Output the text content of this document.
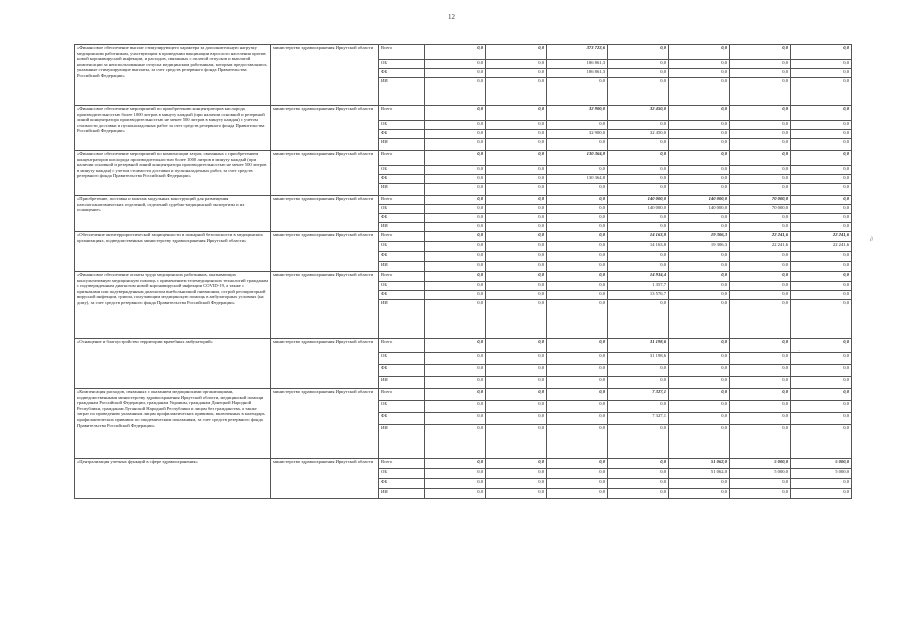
12
«Финансовое обеспечение выплат стимулирующего характера за дополнительную нагрузку медицинским работникам, участвующим в проведении вакцинации взрослого населения против новой коронавирусной инфекции, и расходов, связанных с оплатой отпусков и выплатой компенсации за неиспользованные отпуска медицинским работникам, которым предоставлялись указанные стимулирующие выплаты, за счет средств резервного фонда Правительства Российской Федерации»	министерство здравоохранения Иркутской области	Всего	0,0	0,0	373 722,6	0,0	0,0	0,0	0,0
		ОБ	0,0	0,0	186 861,3	0,0	0,0	0,0	0,0
		ФБ	0,0	0,0	186 861,3	0,0	0,0	0,0	0,0
		ИИ	0,0	0,0	0,0	0,0	0,0	0,0	0,0
«Финансовое обеспечение мероприятий по приобретению концентраторов кислорода производительностью более 1000 литров в минуту каждый (при наличии основной и резервной линий концентратора производительностью не менее 500 литров в минуту каждая) с учетом стоимости доставки и пусконаладочных работ за счет средств резервного фонда Правительства Российской Федерации»	министерство здравоохранения Иркутской области	Всего	0,0	0,0	32 900,0	32 450,0	0,0	0,0	0,0
		ОБ	0,0	0,0	0,0	0,0	0,0	0,0	0,0
		ФБ	0,0	0,0	32 900,0	32 450,0	0,0	0,0	0,0
		ИИ	0,0	0,0	0,0	0,0	0,0	0,0	0,0
«Финансовое обеспечение мероприятий по компенсации затрат, связанных с приобретением концентраторов кислорода производительностью более 1000 литров в минуту каждый (при наличии основной и резервной линий концентратора производительностью не менее 500 литров в минуту каждая) с учетом стоимости доставки и пусконаладочных работ, за счет средств резервного фонда Правительства Российской Федерации»	министерство здравоохранения Иркутской области	Всего	0,0	0,0	130 364,8	0,0	0,0	0,0	0,0
		ОБ	0,0	0,0	0,0	0,0	0,0	0,0	0,0
		ФБ	0,0	0,0	130 364,8	0,0	0,0	0,0	0,0
		ИИ	0,0	0,0	0,0	0,0	0,0	0,0	0,0
«Приобретение, поставка и монтаж модульных конструкций для размещения патологоанатомических отделений, отделений судебно-медицинской экспертизы и их оснащение»	министерство здравоохранения Иркутской области	Всего	0,0	0,0	0,0	140 000,0	140 000,0	70 000,0	0,0
		ОБ	0,0	0,0	0,0	140 000,0	140 000,0	70 000,0	0,0
		ФБ	0,0	0,0	0,0	0,0	0,0	0,0	0,0
		ИИ	0,0	0,0	0,0	0,0	0,0	0,0	0,0
«Обеспечение антитеррористической защищенности и пожарной безопасности в медицинских организациях, подведомственных министерству здравоохранения Иркутской области»	министерство здравоохранения Иркутской области	Всего	0,0	0,0	0,0	14 163,8	19 306,3	22 241,6	22 241,6
		ОБ	0,0	0,0	0,0	14 163,8	19 306,3	22 241,6	22 241,6
		ФБ	0,0	0,0	0,0	0,0	0,0	0,0	0,0
		ИИ	0,0	0,0	0,0	0,0	0,0	0,0	0,0
«Финансовое обеспечение оплаты труда медицинских работников, оказывающих консультативную медицинскую помощь с применением телемедицинских технологий гражданам с подтвержденным диагнозом новой коронавирусной инфекции COVID-19, а также с признаками или подтвержденным диагнозом внебольничной пневмонии, острой респираторной вирусной инфекции, гриппа, получающим медицинскую помощь в амбулаторных условиях (на дому), за счет средств резервного фонда Правительства Российской Федерации»	министерство здравоохранения Иркутской области	Всего	0,0	0,0	0,0	14 934,4	0,0	0,0	0,0
		ОБ	0,0	0,0	0,0	1 357,7	0,0	0,0	0,0
		ФБ	0,0	0,0	0,0	13 576,7	0,0	0,0	0,0
		ИИ	0,0	0,0	0,0	0,0	0,0	0,0	0,0
«Оснащение и благоустройство территории врачебных амбулаторий»	министерство здравоохранения Иркутской области	Всего	0,0	0,0	0,0	31 198,6	0,0	0,0	0,0
		ОБ	0,0	0,0	0,0	31 198,6	0,0	0,0	0,0
		ФБ	0,0	0,0	0,0	0,0	0,0	0,0	0,0
		ИИ	0,0	0,0	0,0	0,0	0,0	0,0	0,0
«Компенсация расходов, связанных с оказанием медицинскими организациями, подведомственными министерству здравоохранения Иркутской области, медицинской помощи гражданам Российской Федерации, гражданам Украины, гражданам Донецкой Народной Республики, гражданам Луганской Народной Республики и лицам без гражданства, а также затрат по проведению указанным лицам профилактических прививок, включенных в календарь профилактических прививок по эпидемическим показаниям, за счет средств резервного фонда Правительства Российской Федерации»	министерство здравоохранения Иркутской области	Всего	0,0	0,0	0,0	7 327,1	0,0	0,0	0,0
		ОБ	0,0	0,0	0,0	0,0	0,0	0,0	0,0
		ФБ	0,0	0,0	0,0	7 327,1	0,0	0,0	0,0
		ИИ	0,0	0,0	0,0	0,0	0,0	0,0	0,0
«Централизация учетных функций в сфере здравоохранения»	министерство здравоохранения Иркутской области	Всего	0,0	0,0	0,0	0,0	51 062,0	5 000,0	5 000,0
		ОБ	0,0	0,0	0,0	0,0	51 062,0	5 000,0	5 000,0
		ФБ	0,0	0,0	0,0	0,0	0,0	0,0	0,0
		ИИ	0,0	0,0	0,0	0,0	0,0	0,0	0,0
∂
˙
